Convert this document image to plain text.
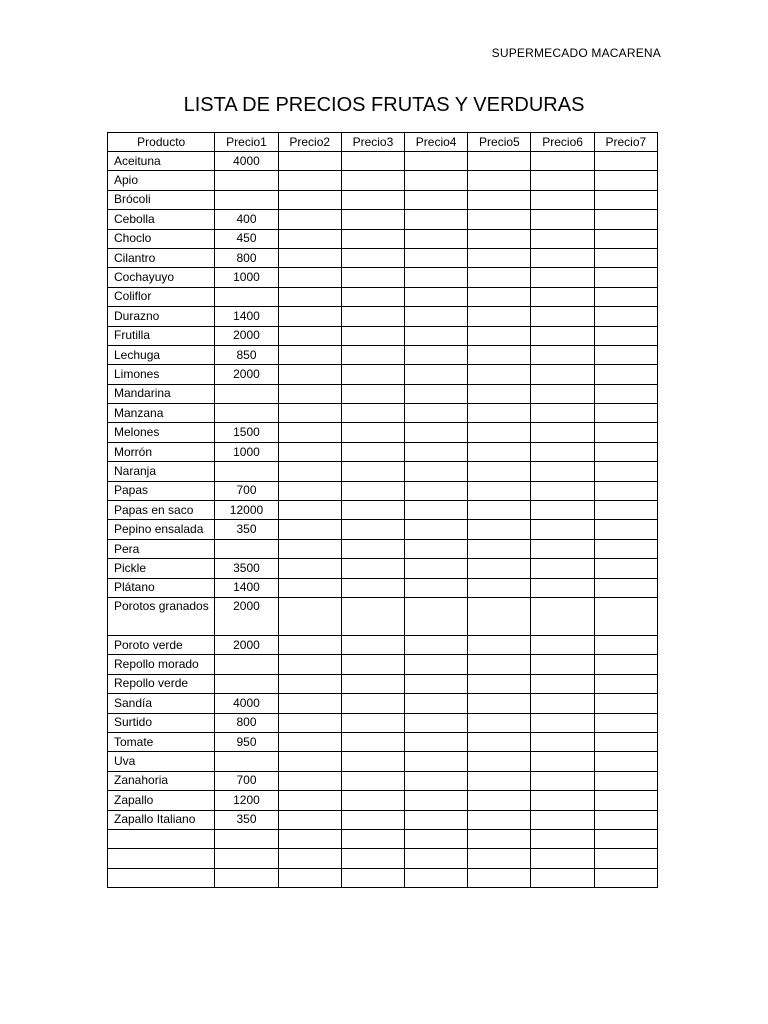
SUPERMECADO MACARENA
LISTA DE PRECIOS FRUTAS Y VERDURAS
Producto	Precio1	Precio2	Precio3	Precio4	Precio5	Precio6	Precio7
Aceituna	4000						
Apio							
Brócoli							
Cebolla	400						
Choclo	450						
Cilantro	800						
Cochayuyo	1000						
Coliflor							
Durazno	1400						
Frutilla	2000						
Lechuga	850						
Limones	2000						
Mandarina							
Manzana							
Melones	1500						
Morrón	1000						
Naranja							
Papas	700						
Papas en saco	12000						
Pepino ensalada	350						
Pera							
Pickle	3500						
Plátano	1400						
Porotos granados	2000						
Poroto verde	2000						
Repollo morado							
Repollo verde							
Sandía	4000						
Surtido	800						
Tomate	950						
Uva							
Zanahoria	700						
Zapallo	1200						
Zapallo Italiano	350						
